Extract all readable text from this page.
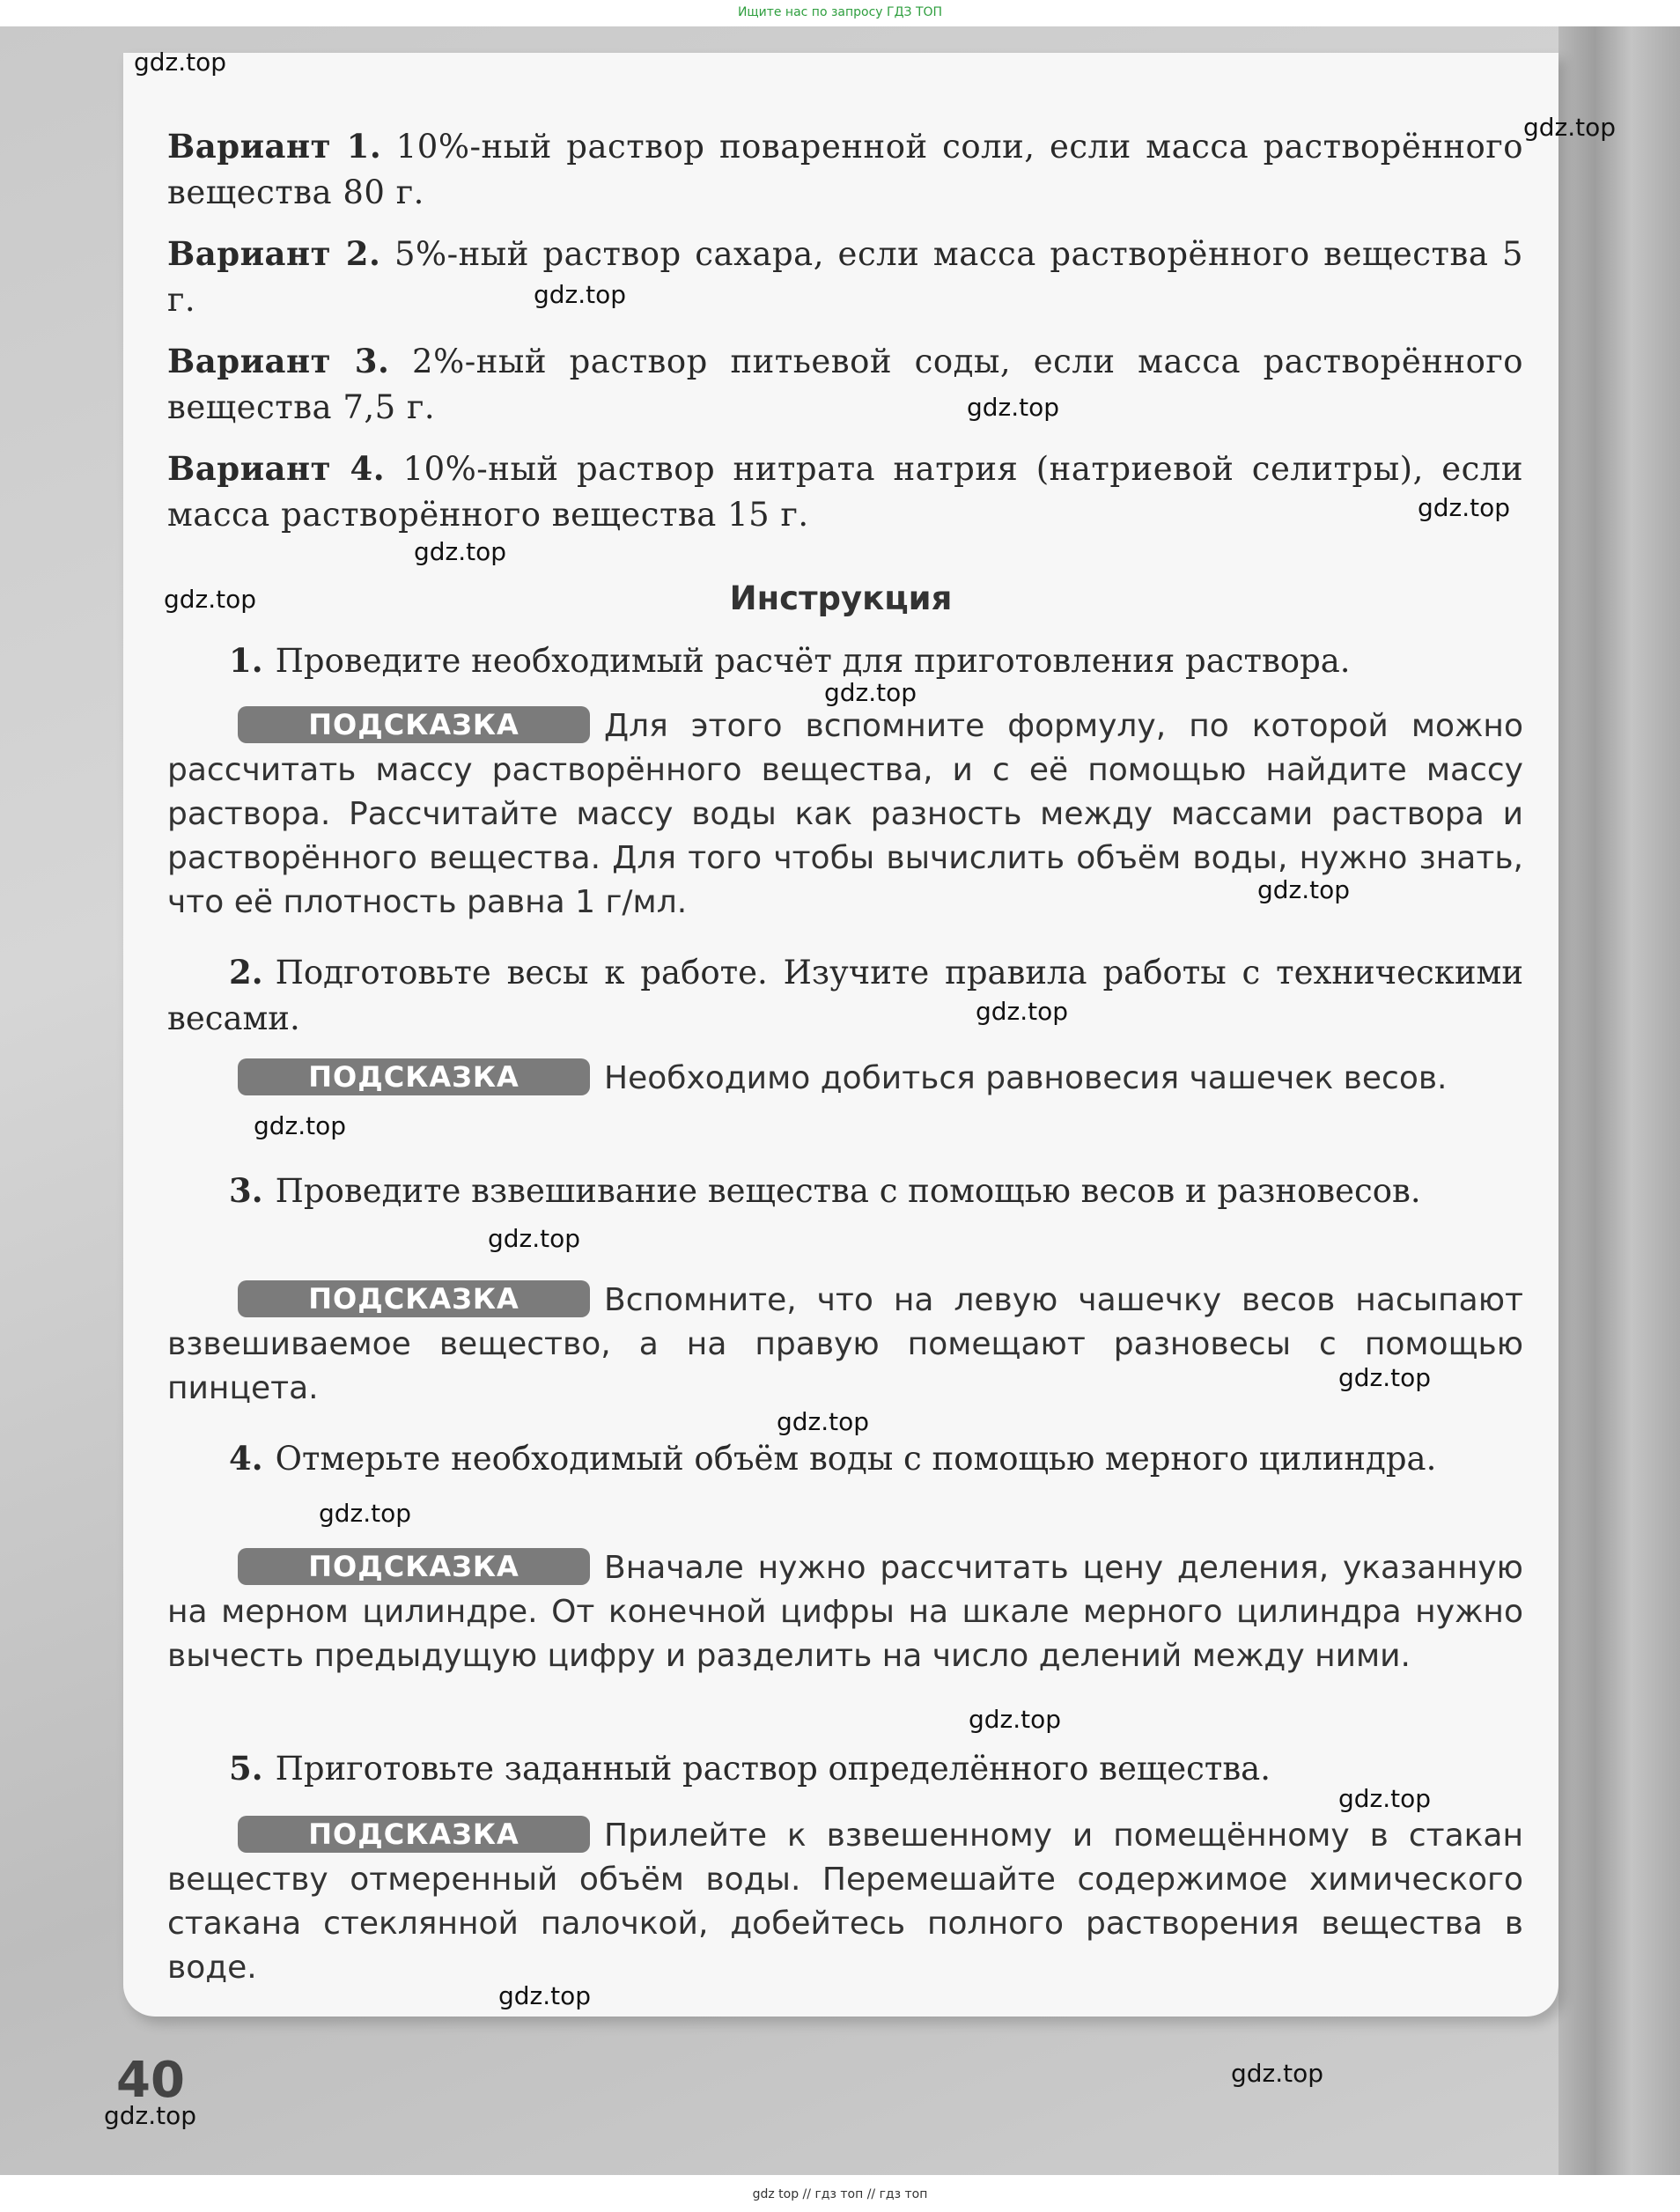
Ищите нас по запросу ГДЗ ТОП
Вариант 1. 10%-ный раствор поваренной соли, если масса растворённого вещества 80 г.
Вариант 2. 5%-ный раствор сахара, если масса растворённого вещества 5 г.
Вариант 3. 2%-ный раствор питьевой соды, если масса растворённого вещества 7,5 г.
Вариант 4. 10%-ный раствор нитрата натрия (натриевой селитры), если масса растворённого вещества 15 г.
Инструкция
1. Проведите необходимый расчёт для приготовления раствора.
ПОДСКАЗКА	Для этого вспомните формулу, по которой можно рассчитать массу растворённого вещества, и с её помощью найдите массу раствора. Рассчитайте массу воды как разность между массами раствора и растворённого вещества. Для того чтобы вычислить объём воды, нужно знать, что её плотность равна 1 г/мл.
2. Подготовьте весы к работе. Изучите правила работы с техническими весами.
ПОДСКАЗКА	Необходимо добиться равновесия чашечек весов.
3. Проведите взвешивание вещества с помощью весов и разновесов.
ПОДСКАЗКА	Вспомните, что на левую чашечку весов насыпают взвешиваемое вещество, а на правую помещают разновесы с помощью пинцета.
4. Отмерьте необходимый объём воды с помощью мерного цилиндра.
ПОДСКАЗКА	Вначале нужно рассчитать цену деления, указанную на мерном цилиндре. От конечной цифры на шкале мерного цилиндра нужно вычесть предыдущую цифру и разделить на число делений между ними.
5. Приготовьте заданный раствор определённого вещества.
ПОДСКАЗКА	Прилейте к взвешенному и помещённому в стакан веществу отмеренный объём воды. Перемешайте содержимое химического стакана стеклянной палочкой, добейтесь полного растворения вещества в воде.
40
gdz.top
gdz.top
gdz.top
gdz.top
gdz.top
gdz.top
gdz.top
gdz.top
gdz.top
gdz.top
gdz.top
gdz.top
gdz.top
gdz.top
gdz.top
gdz.top
gdz.top
gdz.top
gdz.top
gdz.top
gdz top // гдз топ // гдз топ
